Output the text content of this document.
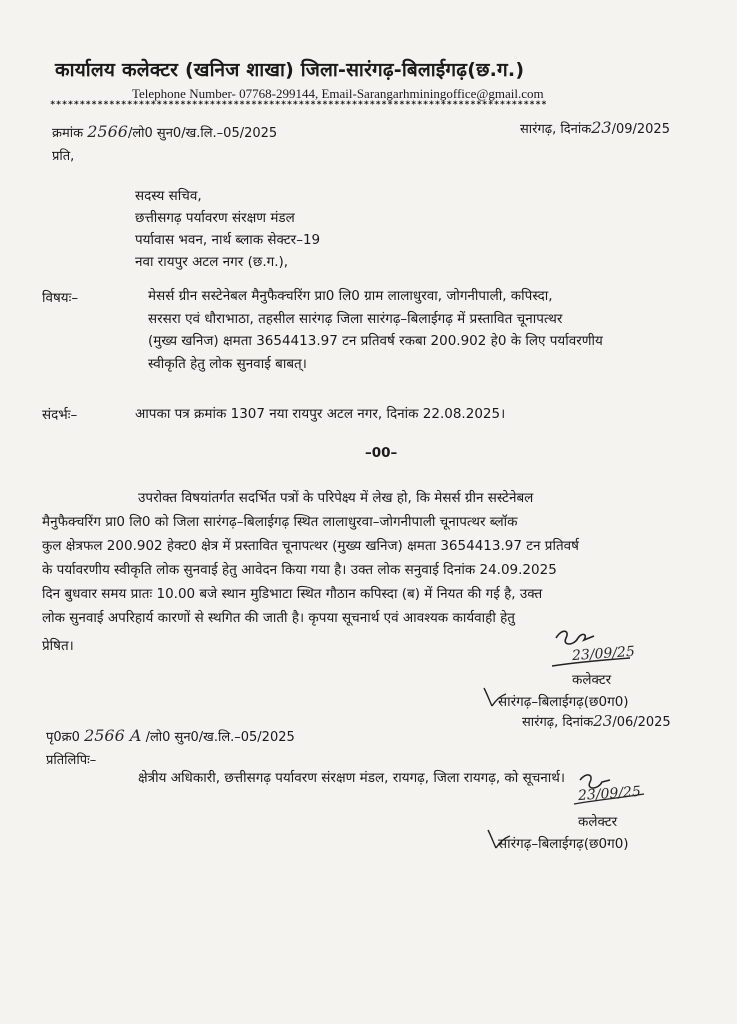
कार्यालय कलेक्टर (खनिज शाखा) जिला-सारंगढ़-बिलाईगढ़(छ.ग.)
Telephone Number- 07768-299144, Email-Sarangarhminingoffice@gmail.com
************************************************************************************
क्रमांक 2566/लो0 सुन0/ख.लि.–05/2025	सारंगढ़, दिनांक23/09/2025
प्रति,
सदस्य सचिव,
छत्तीसगढ़ पर्यावरण संरक्षण मंडल
पर्यावास भवन, नार्थ ब्लाक सेक्टर–19
नवा रायपुर अटल नगर (छ.ग.),
विषयः–	मेसर्स ग्रीन सस्टेनेबल मैनुफैक्चरिंग प्रा0 लि0 ग्राम लालाधुरवा, जोगनीपाली, कपिस्दा,
सरसरा एवं धौराभाठा, तहसील सारंगढ़ जिला सारंगढ़–बिलाईगढ़ में प्रस्तावित चूनापत्थर
(मुख्य खनिज) क्षमता 3654413.97 टन प्रतिवर्ष रकबा 200.902 हे0 के लिए पर्यावरणीय
स्वीकृति हेतु लोक सुनवाई बाबत्।
संदर्भः–	आपका पत्र क्रमांक 1307 नया रायपुर अटल नगर, दिनांक 22.08.2025।
–00–
उपरोक्त विषयांतर्गत सदर्भित पत्रों के परिपेक्ष्य में लेख हो, कि मेसर्स ग्रीन सस्टेनेबल
मैनुफैक्चरिंग प्रा0 लि0 को जिला सारंगढ़–बिलाईगढ़ स्थित लालाधुरवा–जोगनीपाली चूनापत्थर ब्लॉक
कुल क्षेत्रफल 200.902 हेक्ट0 क्षेत्र में प्रस्तावित चूनापत्थर (मुख्य खनिज) क्षमता 3654413.97 टन प्रतिवर्ष
के पर्यावरणीय स्वीकृति लोक सुनवाई हेतु आवेदन किया गया है। उक्त लोक सनुवाई दिनांक 24.09.2025
दिन बुधवार समय प्रातः 10.00 बजे स्थान मुडिभाटा स्थित गौठान कपिस्दा (ब) में नियत की गई है, उक्त
लोक सुनवाई अपरिहार्य कारणों से स्थगित की जाती है। कृपया सूचनार्थ एवं आवश्यक कार्यवाही हेतु
प्रेषित।	23/09/25
कलेक्टर
सारंगढ़–बिलाईगढ़(छ0ग0)
सारंगढ़, दिनांक23/06/2025
पृ0क्र0 2566 A /लो0 सुन0/ख.लि.–05/2025
प्रतिलिपिः–
क्षेत्रीय अधिकारी, छत्तीसगढ़ पर्यावरण संरक्षण मंडल, रायगढ़, जिला रायगढ़, को सूचनार्थ।
23/09/25
कलेक्टर
सारंगढ़–बिलाईगढ़(छ0ग0)
